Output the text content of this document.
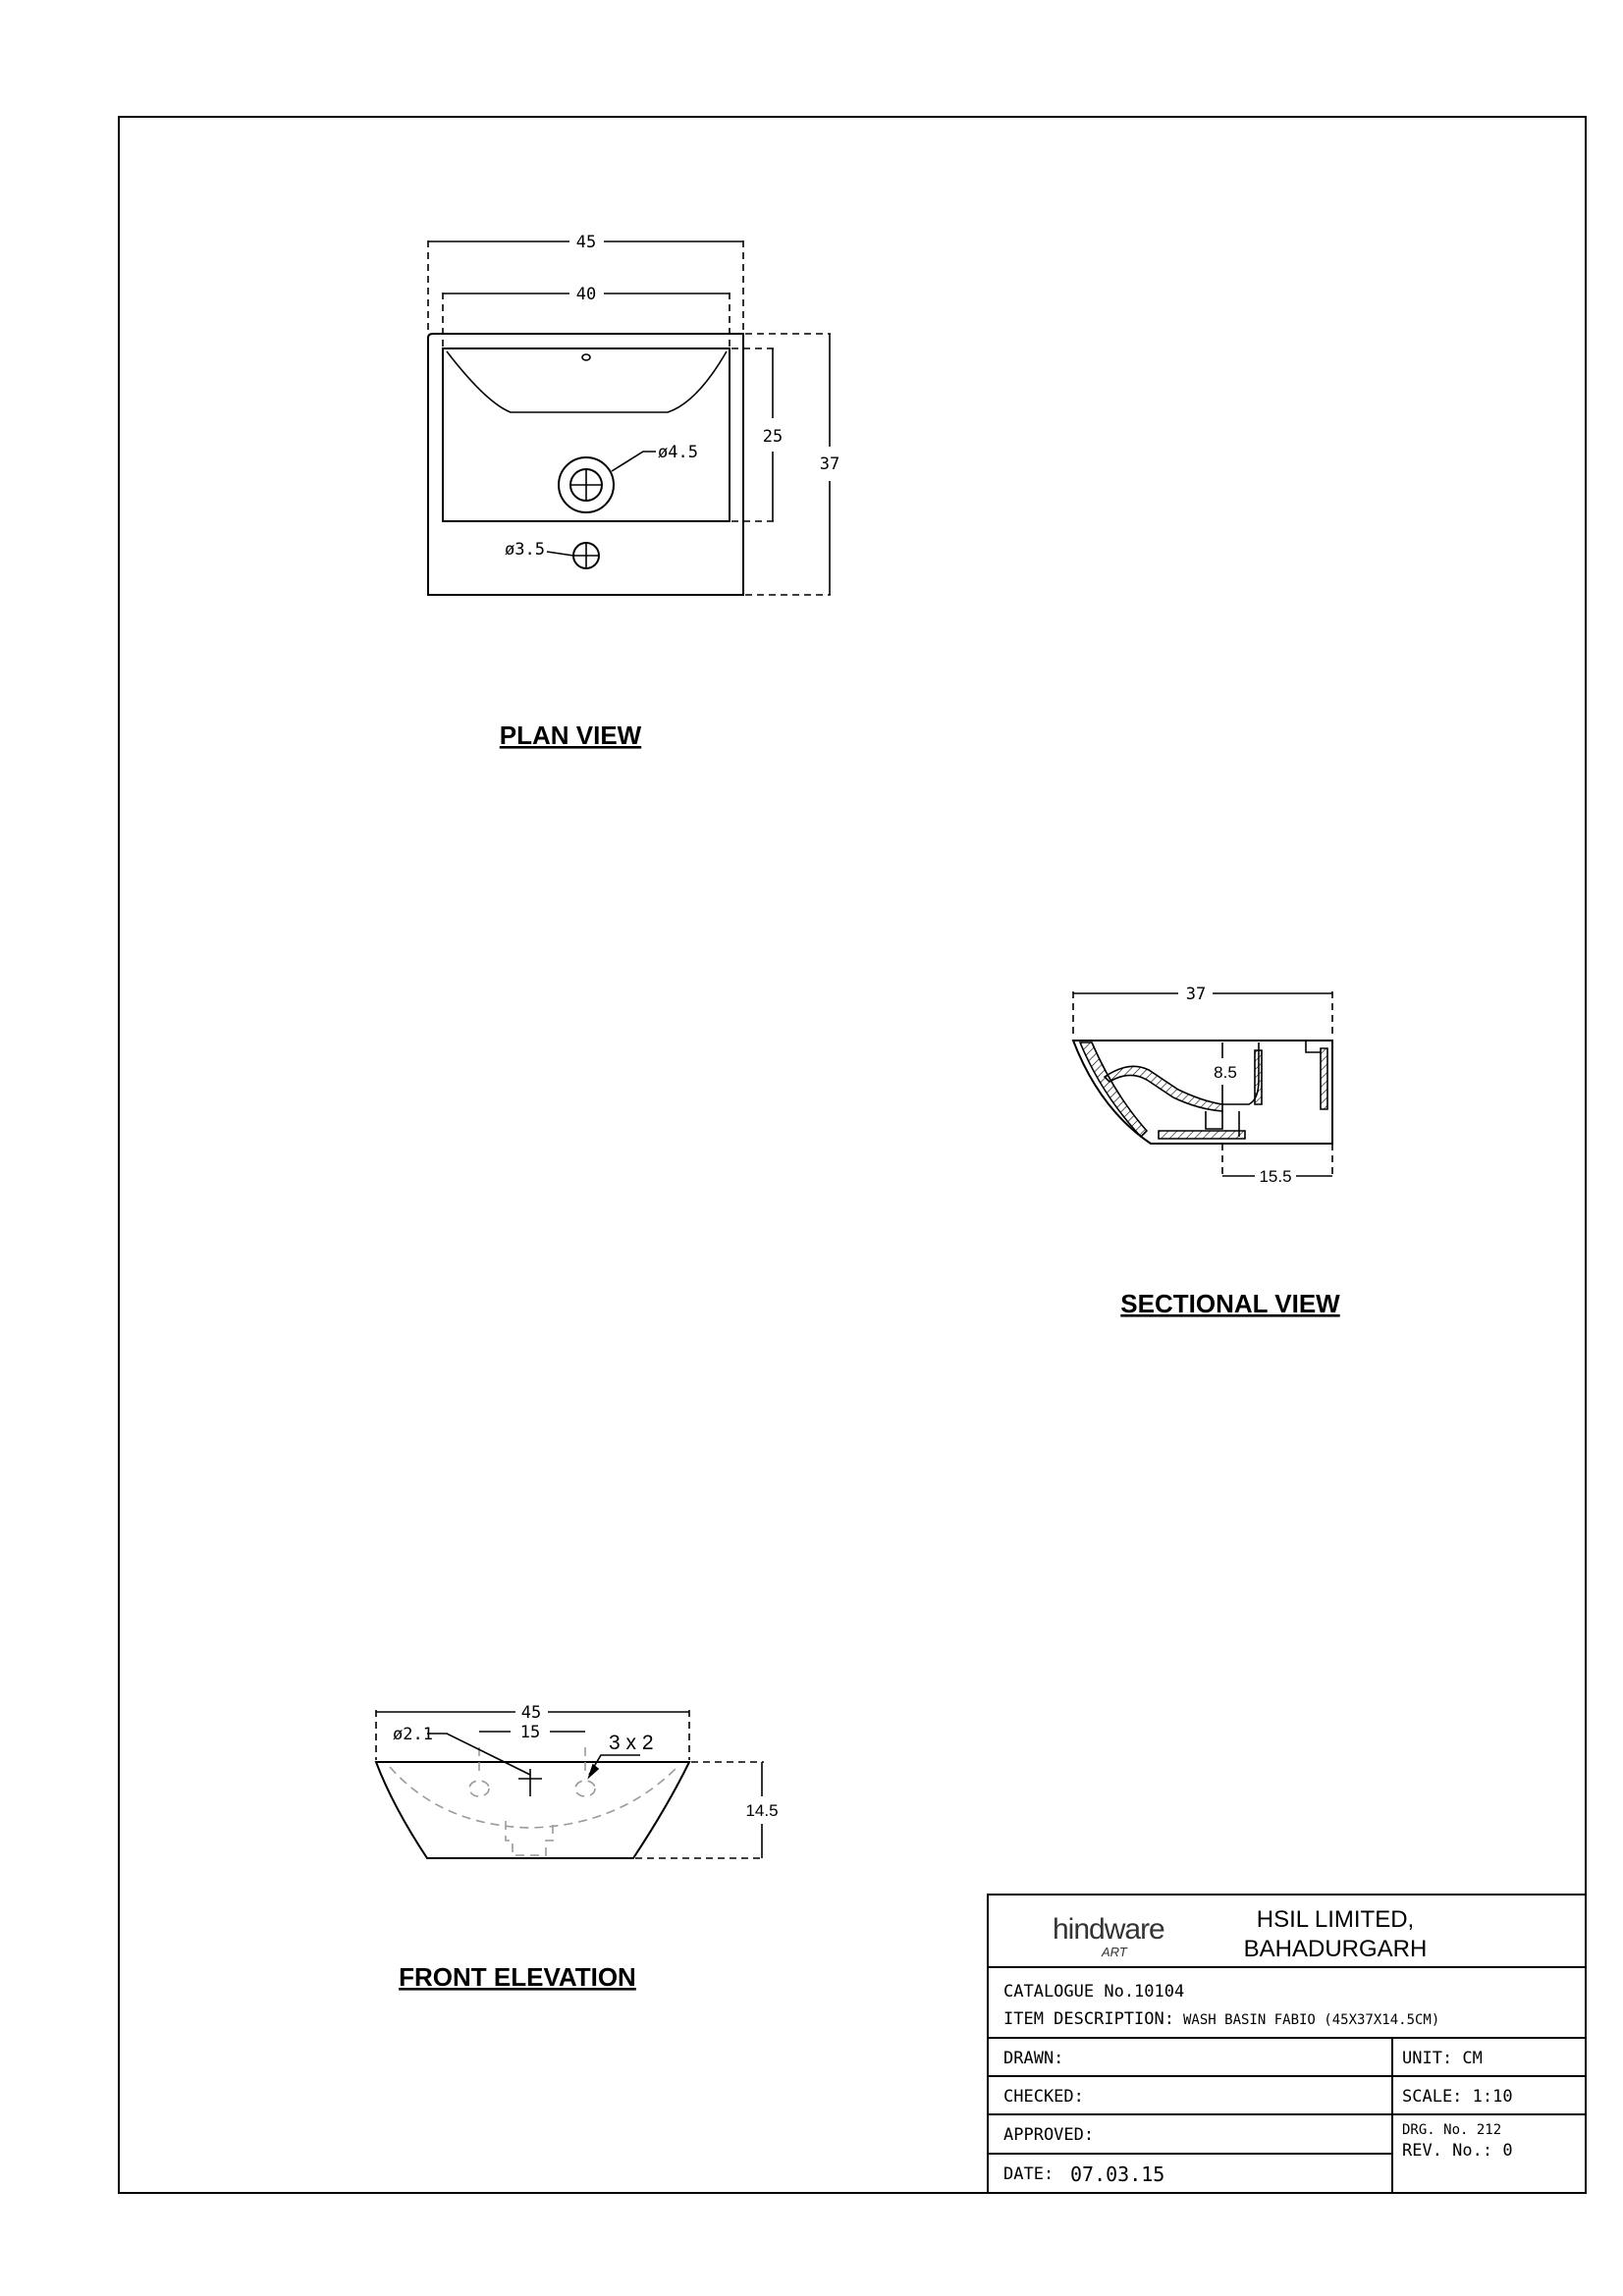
45
40
25
37
ø4.5
ø3.5
PLAN VIEW
37
8.5
15.5
SECTIONAL VIEW
45
15
ø2.1	3 x 2
14.5
FRONT ELEVATION
hindware
ART
HSIL LIMITED,
BAHADURGARH
CATALOGUE No.10104
ITEM DESCRIPTION: WASH BASIN FABIO (45X37X14.5CM)
DRAWN:	UNIT: CM
CHECKED:	SCALE: 1:10
APPROVED:	DRG. No. 212
REV. No.: 0
DATE: 07.03.15
